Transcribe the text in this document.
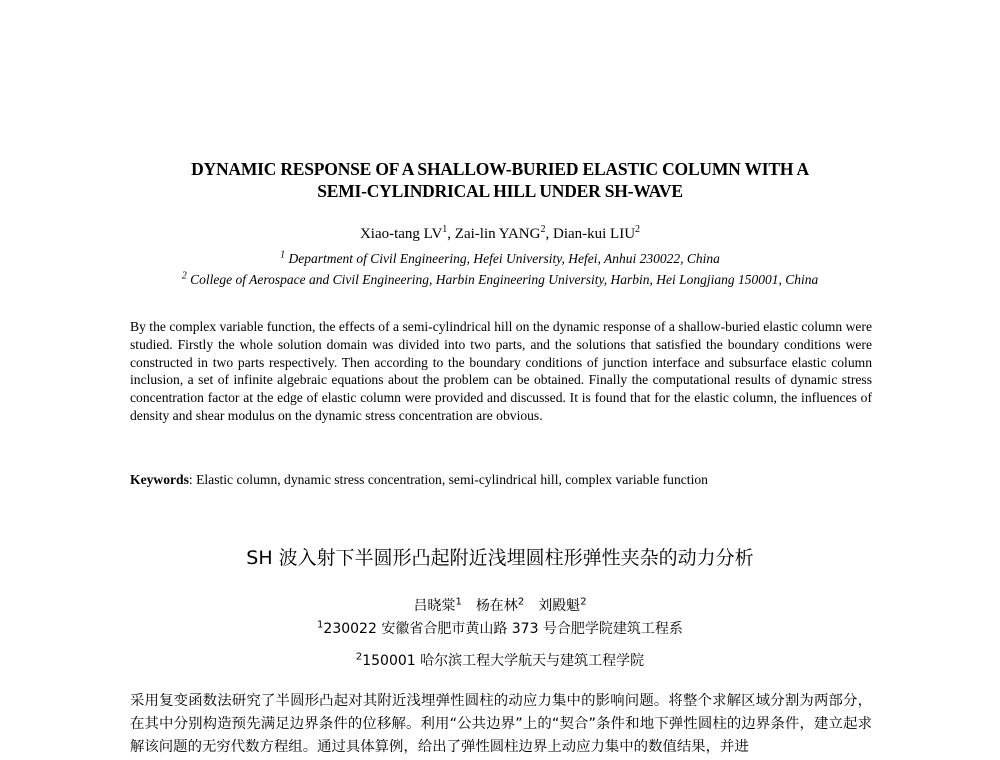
DYNAMIC RESPONSE OF A SHALLOW-BURIED ELASTIC COLUMN WITH A
SEMI-CYLINDRICAL HILL UNDER SH-WAVE
Xiao-tang $LV^1$, Zai-lin YANG$^2$, Dian-kui LIU$^2$
$^1$ Department of Civil Engineering, Hefei University, Hefei, Anhui 230022, China
$^2$ College of Aerospace and Civil Engineering, Harbin Engineering University, Harbin, Hei Longjiang 150001, China
By the complex variable function, the effects of a semi-cylindrical hill on the dynamic response of a shallow-buried elastic column were studied. Firstly the whole solution domain was divided into two parts, and the solutions that satisfied the boundary conditions were constructed in two parts respectively. Then according to the boundary conditions of junction interface and subsurface elastic column inclusion, a set of infinite algebraic equations about the problem can be obtained. Finally the computational results of dynamic stress concentration factor at the edge of elastic column were provided and discussed. It is found that for the elastic column, the influences of density and shear modulus on the dynamic stress concentration are obvious.
Keywords: Elastic column, dynamic stress concentration, semi-cylindrical hill, complex variable function
SH 波入射下半圆形凸起附近浅埋圆柱形弹性夹杂的动力分析
吕晓棠$^1$ 杨在林$^2$ 刘殿魁$^2$
$^1$230022 安徽省合肥市黄山路 373 号合肥学院建筑工程系
$^2$150001 哈尔滨工程大学航天与建筑工程学院
采用复变函数法研究了半圆形凸起对其附近浅埋弹性圆柱的动应力集中的影响问题。将整个求解区域分割为两部分，在其中分别构造预先满足边界条件的位移解。利用“公共边界”上的“契合”条件和地下弹性圆柱的边界条件，建立起求解该问题的无穷代数方程组。通过具体算例，给出了弹性圆柱边界上动应力集中的数值结果，并进
